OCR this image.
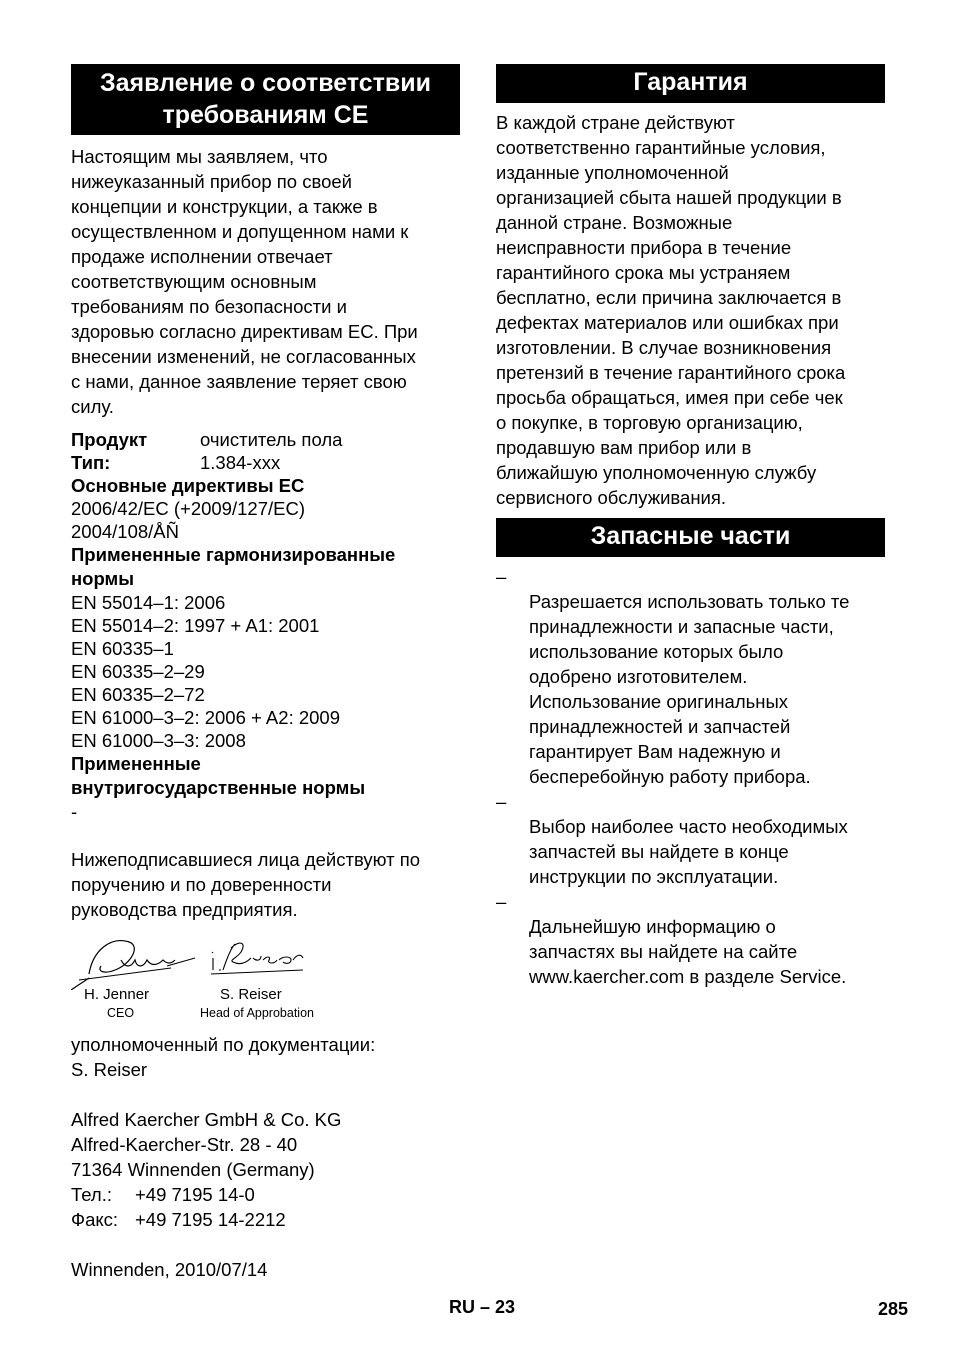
Заявление о соответствии
требованиям CE

Настоящим мы заявляем, что
нижеуказанный прибор по своей
концепции и конструкции, а также в
осуществленном и допущенном нами к
продаже исполнении отвечает
соответствующим основным
требованиям по безопасности и
здоровью согласно директивам ЕС. При
внесении изменений, не согласованных
с нами, данное заявление теряет свою
силу.

Продукт	очиститель пола
Тип:	1.384-xxx
Основные директивы ЕС
2006/42/EC (+2009/127/EC)
2004/108/ÅÑ
Примененные гармонизированные
нормы
EN 55014–1: 2006
EN 55014–2: 1997 + A1: 2001
EN 60335–1
EN 60335–2–29
EN 60335–2–72
EN 61000–3–2: 2006 + A2: 2009
EN 61000–3–3: 2008
Примененные
внутригосударственные нормы
-

Нижеподписавшиеся лица действуют по
поручению и по доверенности
руководства предприятия.

H. Jenner
CEO
S. Reiser
Head of Approbation

уполномоченный по документации:
S. Reiser

Alfred Kaercher GmbH & Co. KG
Alfred-Kaercher-Str. 28 - 40
71364 Winnenden (Germany)
Тел.:	+49 7195 14-0
Факс: +49 7195 14-2212

Winnenden, 2010/07/14

Гарантия

В каждой стране действуют
соответственно гарантийные условия,
изданные уполномоченной
организацией сбыта нашей продукции в
данной стране. Возможные
неисправности прибора в течение
гарантийного срока мы устраняем
бесплатно, если причина заключается в
дефектах материалов или ошибках при
изготовлении. В случае возникновения
претензий в течение гарантийного срока
просьба обращаться, имея при себе чек
о покупке, в торговую организацию,
продавшую вам прибор или в
ближайшую уполномоченную службу
сервисного обслуживания.

Запасные части

–
Разрешается использовать только те
принадлежности и запасные части,
использование которых было
одобрено изготовителем.
Использование оригинальных
принадлежностей и запчастей
гарантирует Вам надежную и
бесперебойную работу прибора.

–
Выбор наиболее часто необходимых
запчастей вы найдете в конце
инструкции по эксплуатации.

–
Дальнейшую информацию о
запчастях вы найдете на сайте
www.kaercher.com в разделе Service.

RU – 23	285
